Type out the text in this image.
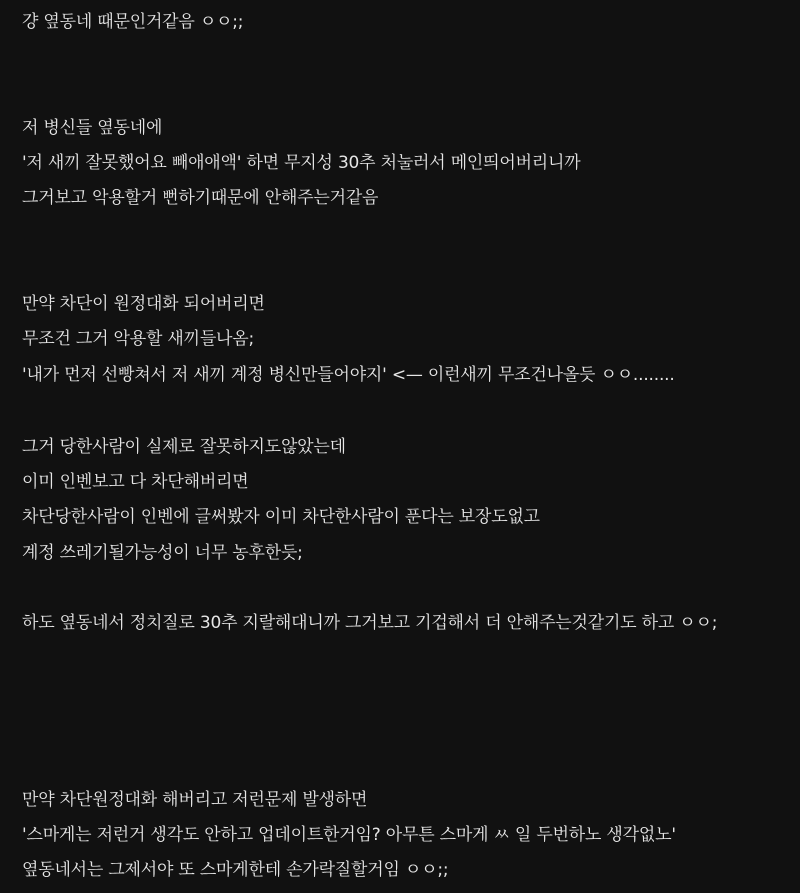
걍 옆동네 때문인거같음 ㅇㅇ;;
저 병신들 옆동네에
'저 새끼 잘못했어요 빼애애액' 하면 무지성 30추 처눌러서 메인띄어버리니까
그거보고 악용할거 뻔하기때문에 안해주는거같음
만약 차단이 원정대화 되어버리면
무조건 그거 악용할 새끼들나옴;
'내가 먼저 선빵쳐서 저 새끼 계정 병신만들어야지' <— 이런새끼 무조건나올듯 ㅇㅇ........
그거 당한사람이 실제로 잘못하지도않았는데
이미 인벤보고 다 차단해버리면
차단당한사람이 인벤에 글써봤자 이미 차단한사람이 푼다는 보장도없고
계정 쓰레기될가능성이 너무 농후한듯;
하도 옆동네서 정치질로 30추 지랄해대니까 그거보고 기겁해서 더 안해주는것같기도 하고 ㅇㅇ;
만약 차단원정대화 해버리고 저런문제 발생하면
'스마게는 저런거 생각도 안하고 업데이트한거임? 아무튼 스마게 ㅆ 일 두번하노 생각없노'
옆동네서는 그제서야 또 스마게한테 손가락질할거임 ㅇㅇ;;
